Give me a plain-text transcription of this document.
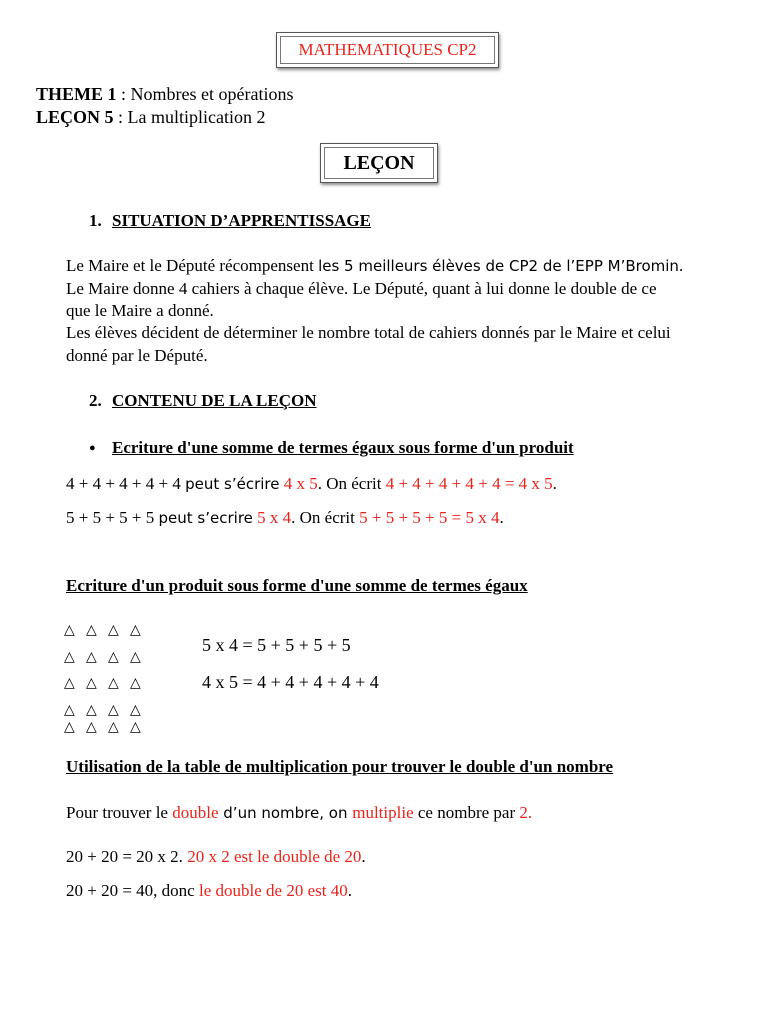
MATHEMATIQUES CP2
THEME 1 : Nombres et opérations
LEÇON 5 : La multiplication 2
LEÇON
1. SITUATION D’APPRENTISSAGE
Le Maire et le Député récompensent les 5 meilleurs élèves de CP2 de l’EPP M’Bromin.
Le Maire donne 4 cahiers à chaque élève. Le Député, quant à lui donne le double de ce
que le Maire a donné.
Les élèves décident de déterminer le nombre total de cahiers donnés par le Maire et celui
donné par le Député.
2. CONTENU DE LA LEÇON
● Ecriture d'une somme de termes égaux sous forme d'un produit
4 + 4 + 4 + 4 + 4 peut s’écrire 4 x 5. On écrit 4 + 4 + 4 + 4 + 4 = 4 x 5.
5 + 5 + 5 + 5 peut s’ecrire 5 x 4. On écrit 5 + 5 + 5 + 5 = 5 x 4.
Ecriture d'un produit sous forme d'une somme de termes égaux
△ △ △ △
△ △ △ △
△ △ △ △
△ △ △ △
△ △ △ △
5 x 4 = 5 + 5 + 5 + 5
4 x 5 = 4 + 4 + 4 + 4 + 4
Utilisation de la table de multiplication pour trouver le double d'un nombre
Pour trouver le double d’un nombre, on multiplie ce nombre par 2.
20 + 20 = 20 x 2. 20 x 2 est le double de 20.
20 + 20 = 40, donc le double de 20 est 40.
